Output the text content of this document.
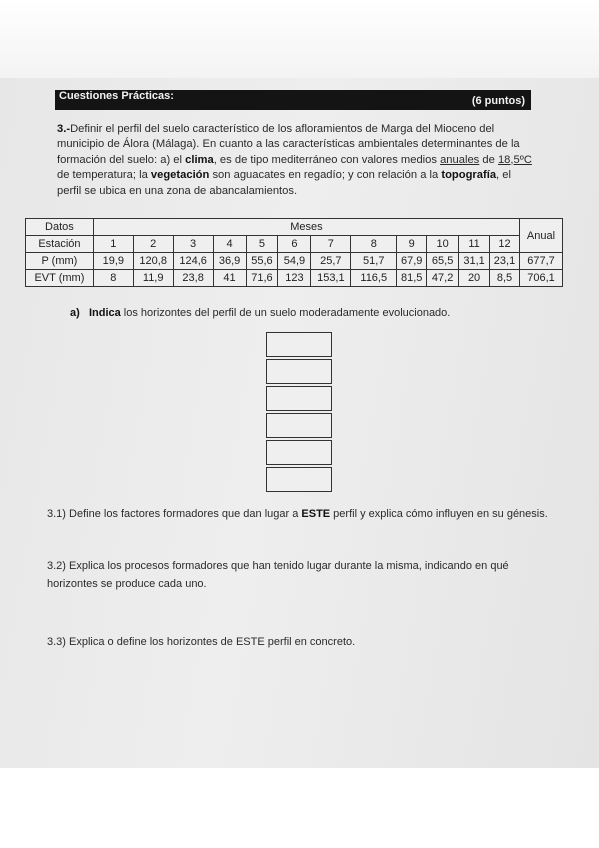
Cuestiones Prácticas:	(6 puntos)
3.-Definir el perfil del suelo característico de los afloramientos de Marga del Mioceno del municipio de Álora (Málaga). En cuanto a las características ambientales determinantes de la formación del suelo: a) el clima, es de tipo mediterráneo con valores medios anuales de 18,5ºC de temperatura; la vegetación son aguacates en regadío; y con relación a la topografía, el perfil se ubica en una zona de abancalamientos.
Datos	Meses												Anual
Estación	1	2	3	4	5	6	7	8	9	10	11	12	
P (mm)	19,9	120,8	124,6	36,9	55,6	54,9	25,7	51,7	67,9	65,5	31,1	23,1	677,7
EVT (mm)	8	11,9	23,8	41	71,6	123	153,1	116,5	81,5	47,2	20	8,5	706,1
a) Indica los horizontes del perfil de un suelo moderadamente evolucionado.
3.1) Define los factores formadores que dan lugar a ESTE perfil y explica cómo influyen en su génesis.
3.2) Explica los procesos formadores que han tenido lugar durante la misma, indicando en qué horizontes se produce cada uno.
3.3) Explica o define los horizontes de ESTE perfil en concreto.
